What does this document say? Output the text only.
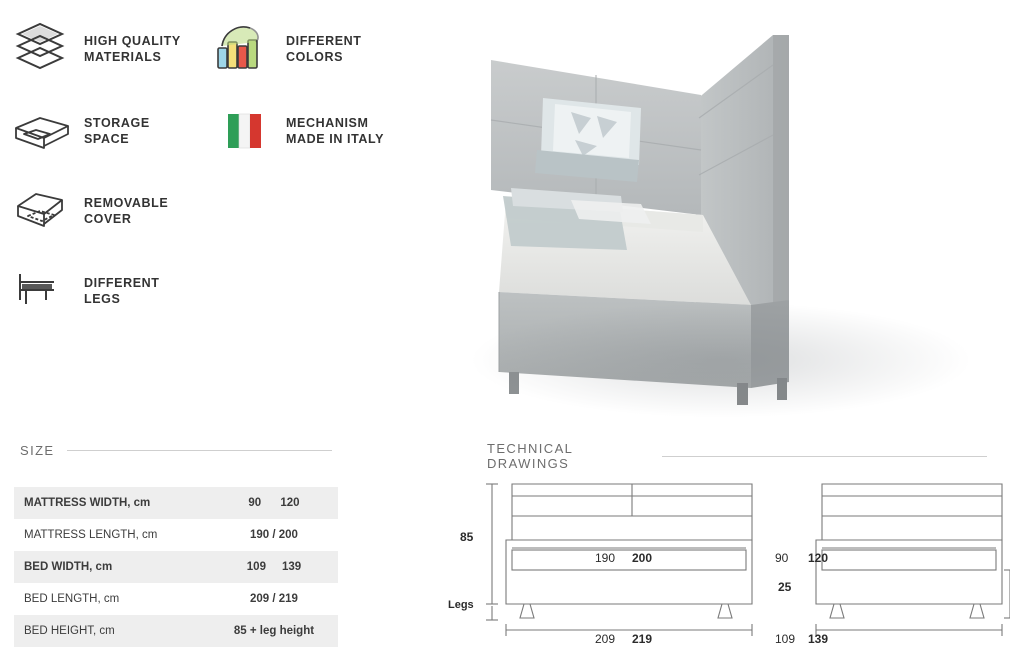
HIGH QUALITY
MATERIALS
DIFFERENT
COLORS
STORAGE
SPACE
MECHANISM
MADE IN ITALY
REMOVABLE
COVER
DIFFERENT
LEGS
SIZE	TECHNICAL DRAWINGS
MATTRESS WIDTH, cm	90      120
MATTRESS LENGTH, cm	190 / 200
BED WIDTH, cm	109     139
BED LENGTH, cm	209 / 219
BED HEIGHT, cm	85 + leg height
85
Legs
190 200
209 219
90 120
109 139
25
